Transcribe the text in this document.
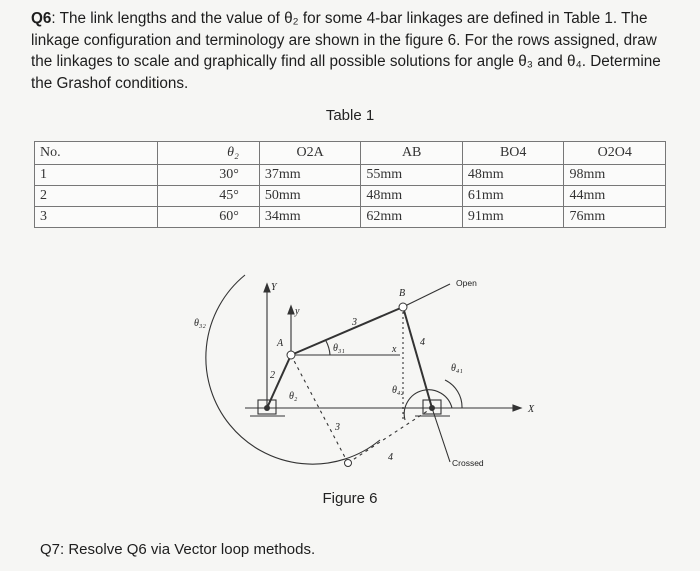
Q6: The link lengths and the value of θ₂ for some 4-bar linkages are defined in Table 1. The linkage configuration and terminology are shown in the figure 6. For the rows assigned, draw the linkages to scale and graphically find all possible solutions for angle θ₃ and θ₄. Determine the Grashof conditions.
Table 1
No.	θ₂	O2A	AB	BO4	O2O4
1	30°	37mm	55mm	48mm	98mm
2	45°	50mm	48mm	61mm	44mm
3	60°	34mm	62mm	91mm	76mm
Y
y
A
B
x
X
2
3
3
4
4
θ₂
θ₃₁
θ₃₂
θ₄₁
θ₄₂
Open
Crossed
Figure 6
Q7: Resolve Q6 via Vector loop methods.
